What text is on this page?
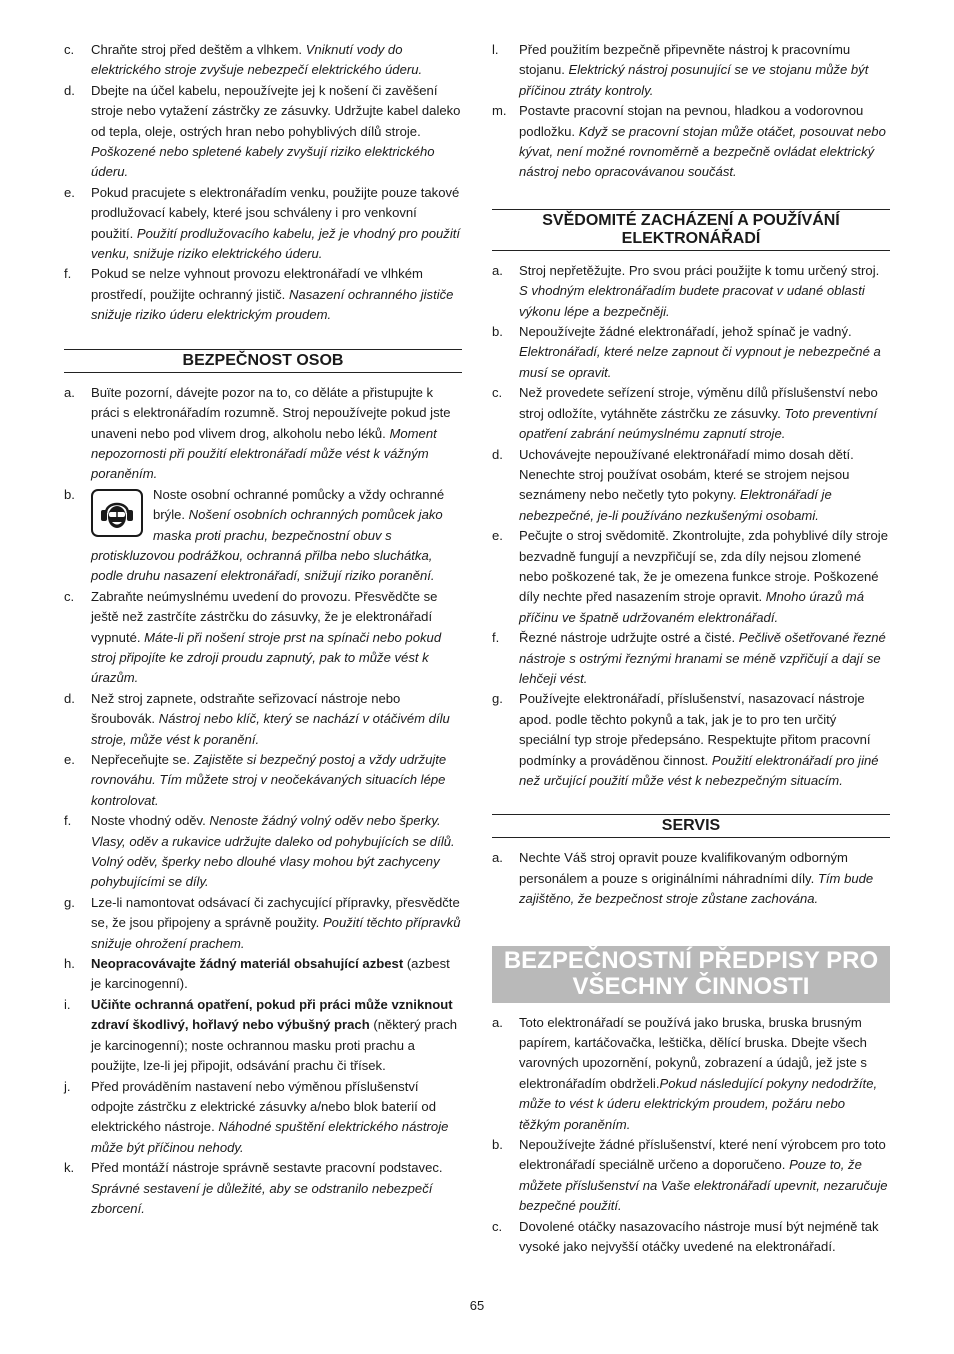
c.	Chraňte stroj před deštěm a vlhkem. Vniknutí vody do elektrického stroje zvyšuje nebezpečí elektrického úderu.
d.	Dbejte na účel kabelu, nepoužívejte jej k nošení či zavěšení stroje nebo vytažení zástrčky ze zásuvky. Udržujte kabel daleko od tepla, oleje, ostrých hran nebo pohyblivých dílů stroje. Poškozené nebo spletené kabely zvyšují riziko elektrického úderu.
e.	Pokud pracujete s elektronářadím venku, použijte pouze takové prodlužovací kabely, které jsou schváleny i pro venkovní použití. Použití prodlužovacího kabelu, jež je vhodný pro použití venku, snižuje riziko elektrického úderu.
f.	Pokud se nelze vyhnout provozu elektronářadí ve vlhkém prostředí, použijte ochranný jistič. Nasazení ochranného jističe snižuje riziko úderu elektrickým proudem.
BEZPEČNOST OSOB
a.	Buïte pozorní, dávejte pozor na to, co děláte a přistupujte k práci s elektronářadím rozumně. Stroj nepoužívejte pokud jste unaveni nebo pod vlivem drog, alkoholu nebo léků. Moment nepozornosti při použití elektronářadí může vést k vážným poraněním.
b.	Noste osobní ochranné pomůcky a vždy ochranné brýle. Nošení osobních ochranných pomůcek jako maska proti prachu, bezpečnostní obuv s protiskluzovou podrážkou, ochranná přilba nebo sluchátka, podle druhu nasazení elektronářadí, snižují riziko poranění.
c.	Zabraňte neúmyslnému uvedení do provozu. Přesvědčte se ještě než zastrčíte zástrčku do zásuvky, že je elektronářadí vypnuté. Máte-li při nošení stroje prst na spínači nebo pokud stroj připojíte ke zdroji proudu zapnutý, pak to může vést k úrazům.
d.	Než stroj zapnete, odstraňte seřizovací nástroje nebo šroubovák. Nástroj nebo klíč, který se nachází v otáčivém dílu stroje, může vést k poranění.
e.	Nepřeceňujte se. Zajistěte si bezpečný postoj a vždy udržujte rovnováhu. Tím můžete stroj v neočekávaných situacích lépe kontrolovat.
f.	Noste vhodný oděv. Nenoste žádný volný oděv nebo šperky. Vlasy, oděv a rukavice udržujte daleko od pohybujících se dílů. Volný oděv, šperky nebo dlouhé vlasy mohou být zachyceny pohybujícími se díly.
g.	Lze-li namontovat odsávací či zachycující přípravky, přesvědčte se, že jsou připojeny a správně použity. Použití těchto přípravků snižuje ohrožení prachem.
h.	Neopracovávajte žádný materiál obsahující azbest (azbest je karcinogenní).
i.	Učiňte ochranná opatření, pokud při práci může vzniknout zdraví škodlivý, hořlavý nebo výbušný prach (některý prach je karcinogenní); noste ochrannou masku proti prachu a použijte, lze-li jej připojit, odsávání prachu či třísek.
j.	Před prováděním nastavení nebo výměnou příslušenství odpojte zástrčku z elektrické zásuvky a/nebo blok baterií od elektrického nástroje. Náhodné spuštění elektrického nástroje může být příčinou nehody.
k.	Před montáží nástroje správně sestavte pracovní podstavec. Správné sestavení je důležité, aby se odstranilo nebezpečí zborcení.
l.	Před použitím bezpečně připevněte nástroj k pracovnímu stojanu. Elektrický nástroj posunující se ve stojanu může být příčinou ztráty kontroly.
m. Postavte pracovní stojan na pevnou, hladkou a vodorovnou podložku. Když se pracovní stojan může otáčet, posouvat nebo kývat, není možné rovnoměrně a bezpečně ovládat elektrický nástroj nebo opracovávanou součást.
SVĚDOMITÉ ZACHÁZENÍ A POUŽÍVÁNÍ ELEKTRONÁŘADÍ
a.	Stroj nepřetěžujte. Pro svou práci použijte k tomu určený stroj. S vhodným elektronářadím budete pracovat v udané oblasti výkonu lépe a bezpečněji.
b.	Nepoužívejte žádné elektronářadí, jehož spínač je vadný. Elektronářadí, které nelze zapnout či vypnout je nebezpečné a musí se opravit.
c.	Než provedete seřízení stroje, výměnu dílů příslušenství nebo stroj odložíte, vytáhněte zástrčku ze zásuvky. Toto preventivní opatření zabrání neúmyslnému zapnutí stroje.
d.	Uchovávejte nepoužívané elektronářadí mimo dosah dětí. Nenechte stroj používat osobám, které se strojem nejsou seznámeny nebo nečetly tyto pokyny. Elektronářadí je nebezpečné, je-li používáno nezkušenými osobami.
e.	Pečujte o stroj svědomitě. Zkontrolujte, zda pohyblivé díly stroje bezvadně fungují a nevzpřičují se, zda díly nejsou zlomené nebo poškozené tak, že je omezena funkce stroje. Poškozené díly nechte před nasazením stroje opravit. Mnoho úrazů má příčinu ve špatně udržovaném elektronářadí.
f.	Řezné nástroje udržujte ostré a čisté. Pečlivě ošetřované řezné nástroje s ostrými řeznými hranami se méně vzpřičují a dají se lehčeji vést.
g.	Používejte elektronářadí, příslušenství, nasazovací nástroje apod. podle těchto pokynů a tak, jak je to pro ten určitý speciální typ stroje předepsáno. Respektujte přitom pracovní podmínky a prováděnou činnost. Použití elektronářadí pro jiné než určující použití může vést k nebezpečným situacím.
SERVIS
a.	Nechte Váš stroj opravit pouze kvalifikovaným odborným personálem a pouze s originálními náhradními díly. Tím bude zajištěno, že bezpečnost stroje zůstane zachována.
BEZPEČNOSTNÍ PŘEDPISY PRO VŠECHNY ČINNOSTI
a.	Toto elektronářadí se používá jako bruska, bruska brusným papírem, kartáčovačka, leštička, dělící bruska. Dbejte všech varovných upozornění, pokynů, zobrazení a údajů, jež jste s elektronářadím obdrželi.Pokud následující pokyny nedodržíte, může to vést k úderu elektrickým proudem, požáru nebo těžkým poraněním.
b.	Nepoužívejte žádné příslušenství, které není výrobcem pro toto elektronářadí speciálně určeno a doporučeno. Pouze to, že můžete příslušenství na Vaše elektronářadí upevnit, nezaručuje bezpečné použití.
c.	Dovolené otáčky nasazovacího nástroje musí být nejméně tak vysoké jako nejvyšší otáčky uvedené na elektronářadí.
65
